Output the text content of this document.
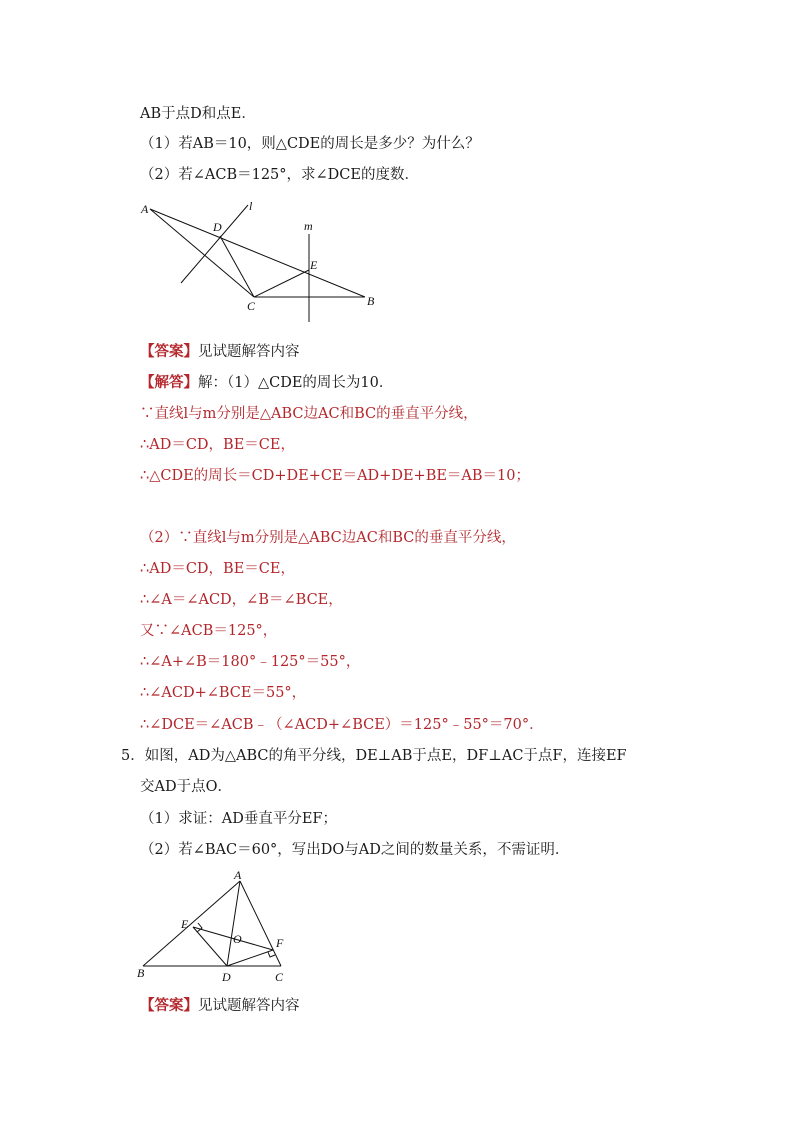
AB于点D和点E．
（1）若AB＝10，则△CDE的周长是多少？为什么？
（2）若∠ACB＝125°，求∠DCE的度数．
A
D
l
m
E
C	B
【答案】见试题解答内容
【解答】解：（1）△CDE的周长为10．
∵直线l与m分别是△ABC边AC和BC的垂直平分线，
∴AD＝CD，BE＝CE，
∴△CDE的周长＝CD+DE+CE＝AD+DE+BE＝AB＝10；
（2）∵直线l与m分别是△ABC边AC和BC的垂直平分线，
∴AD＝CD，BE＝CE，
∴∠A＝∠ACD，∠B＝∠BCE，
又∵∠ACB＝125°，
∴∠A+∠B＝180°﹣125°＝55°，
∴∠ACD+∠BCE＝55°，
∴∠DCE＝∠ACB﹣（∠ACD+∠BCE）＝125°﹣55°＝70°．
5．如图，AD为△ABC的角平分线，DE⊥AB于点E，DF⊥AC于点F，连接EF
交AD于点O．
（1）求证：AD垂直平分EF；
（2）若∠BAC＝60°，写出DO与AD之间的数量关系，不需证明．
A
E
O	F
B	D	C
【答案】见试题解答内容
